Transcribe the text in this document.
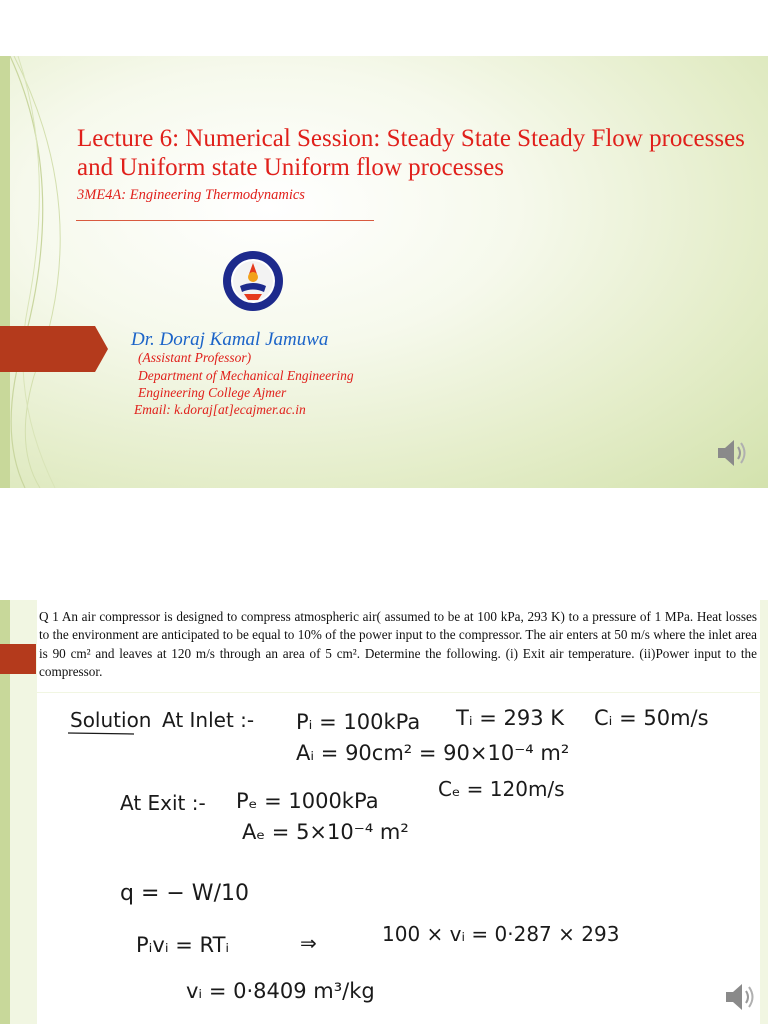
Lecture 6: Numerical Session: Steady State Steady Flow processes and Uniform state Uniform flow processes
3ME4A: Engineering Thermodynamics
Dr. Doraj Kamal Jamuwa
(Assistant Professor)
Department of Mechanical Engineering
Engineering College Ajmer
Email: k.doraj[at]ecajmer.ac.in

Q 1 An air compressor is designed to compress atmospheric air( assumed to be at 100 kPa, 293 K) to a pressure of 1 MPa. Heat losses to the environment are anticipated to be equal to 10% of the power input to the compressor. The air enters at 50 m/s where the inlet area is 90 cm² and leaves at 120 m/s through an area of 5 cm². Determine the following. (i) Exit air temperature. (ii)Power input to the compressor.

Solution At Inlet :- Pᵢ = 100kPa Tᵢ = 293 K Cᵢ = 50m/s
Aᵢ = 90cm² = 90×10⁻⁴ m²
At Exit :- Pₑ = 1000kPa	Cₑ = 120m/s
Aₑ = 5×10⁻⁴ m²
q = − W/10
Pᵢvᵢ = RTᵢ	⇒	100 × vᵢ = 0·287 × 293
vᵢ = 0·8409 m³/kg
